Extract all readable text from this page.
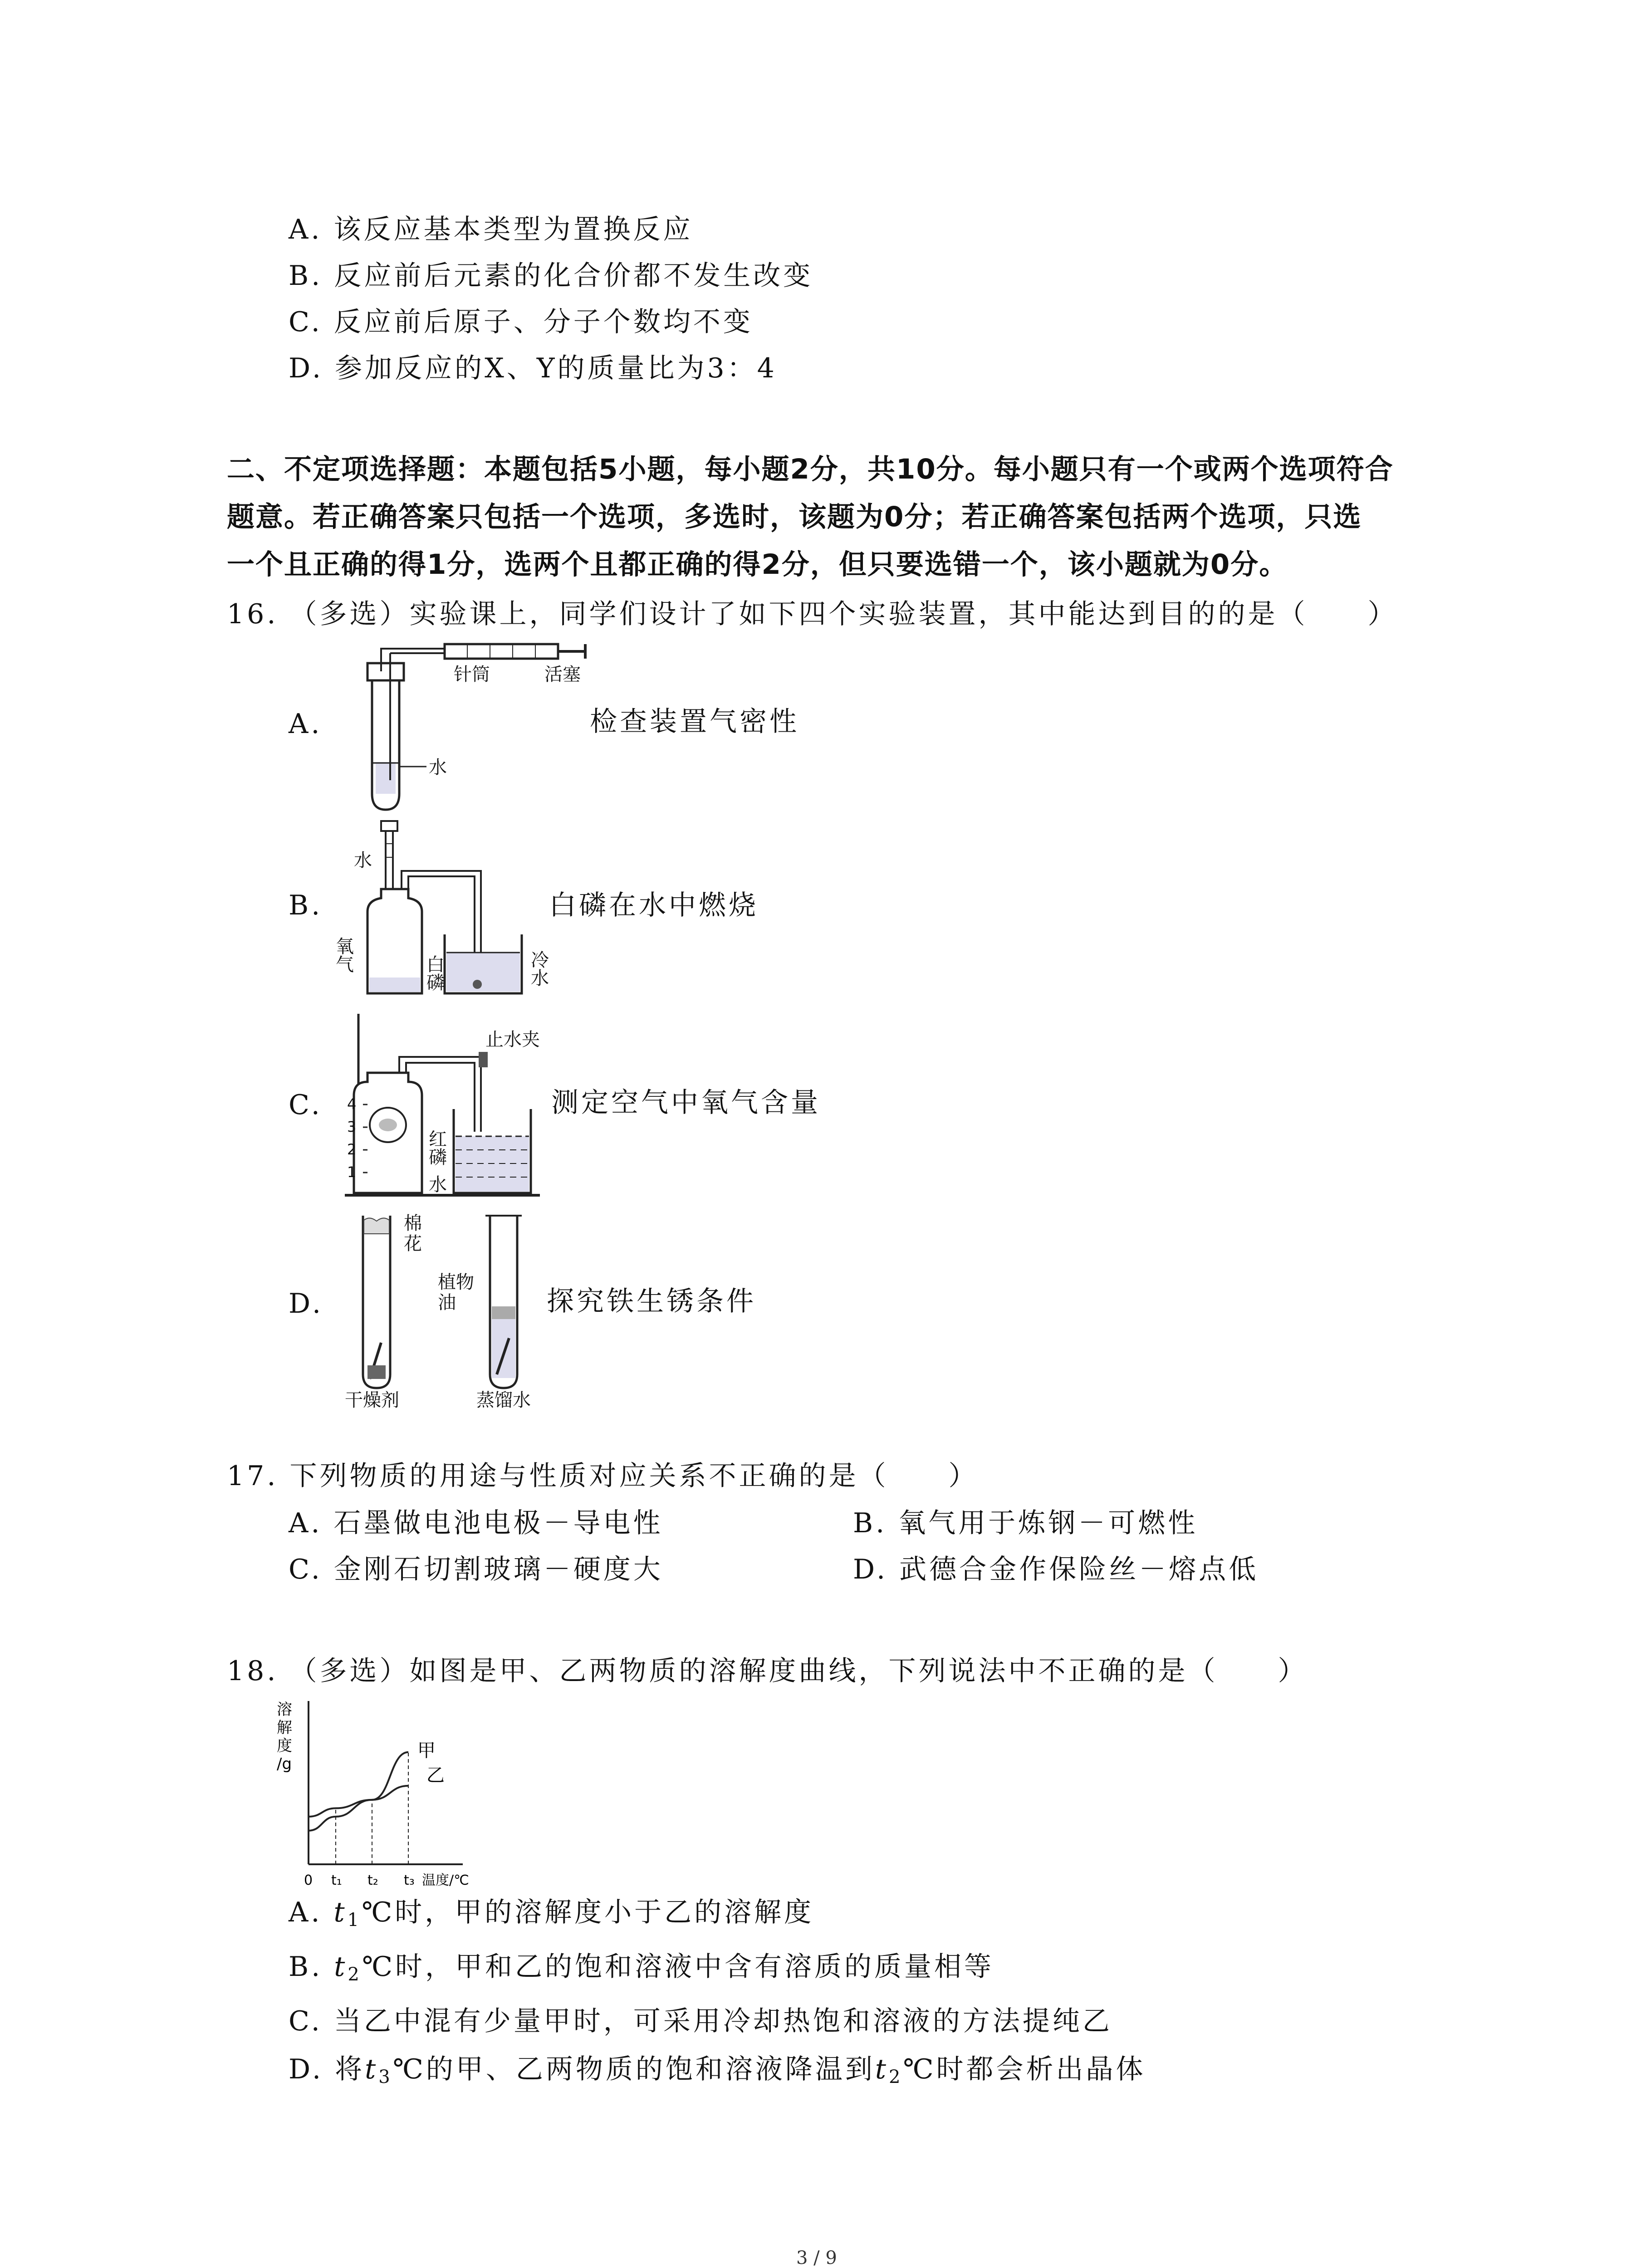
A. 该反应基本类型为置换反应
B. 反应前后元素的化合价都不发生改变
C. 反应前后原子、分子个数均不变
D. 参加反应的X、Y的质量比为3：4
二、不定项选择题：本题包括5小题，每小题2分，共10分。每小题只有一个或两个选项符合
题意。若正确答案只包括一个选项，多选时，该题为0分；若正确答案包括两个选项，只选
一个且正确的得1分，选两个且都正确的得2分，但只要选错一个，该小题就为0分。
16. （多选）实验课上，同学们设计了如下四个实验装置，其中能达到目的的是（　　）
A.	检查装置气密性
B.	白磷在水中燃烧
C.	测定空气中氧气含量
D.	探究铁生锈条件
针筒	活塞
水
水
氧
气	白
磷
冷
水
4
3
2
1
止水夹
红
磷
水
棉
花
干燥剂
植物
油
蒸馏水
17. 下列物质的用途与性质对应关系不正确的是（　　）
A. 石墨做电池电极－导电性	B. 氧气用于炼钢－可燃性
C. 金刚石切割玻璃－硬度大	D. 武德合金作保险丝－熔点低
18. （多选）如图是甲、乙两物质的溶解度曲线，下列说法中不正确的是（　　）
溶
解
度
/g
0 t₁ t₂ t₃ 温度/℃
甲
乙
A. $t_1℃$时，甲的溶解度小于乙的溶解度
B. $t_2℃$时，甲和乙的饱和溶液中含有溶质的质量相等
C. 当乙中混有少量甲时，可采用冷却热饱和溶液的方法提纯乙
D. 将$t_3℃$的甲、乙两物质的饱和溶液降温到$t_2℃$时都会析出晶体
3 / 9
